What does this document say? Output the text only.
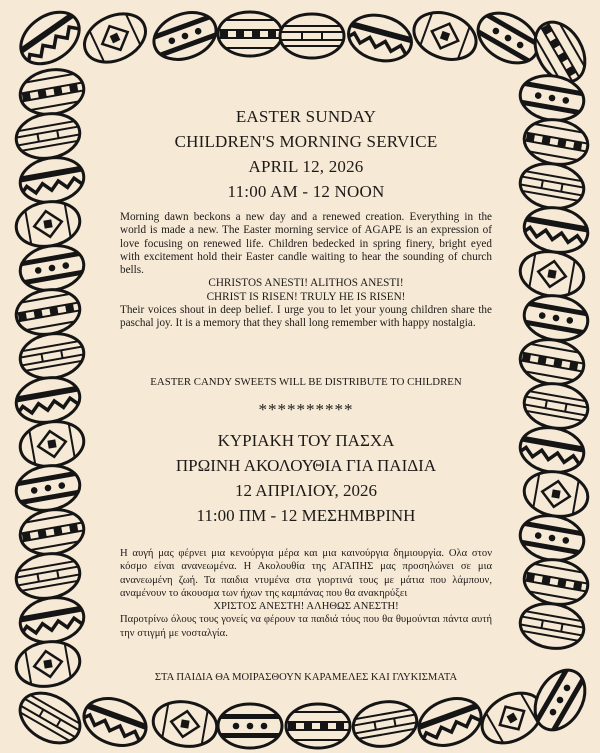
EASTER SUNDAY
CHILDREN'S MORNING SERVICE
APRIL 12, 2026
11:00 AM - 12 NOON
Morning dawn beckons a new day and a renewed creation. Everything in the world is made a new. The Easter morning service of AGAPE is an expression of love focusing on renewed life. Children bedecked in spring finery, bright eyed with excitement hold their Easter candle waiting to hear the sounding of church bells.
CHRISTOS ANESTI! ALITHOS ANESTI!
CHRIST IS RISEN! TRULY HE IS RISEN!
Their voices shout in deep belief. I urge you to let your young children share the paschal joy. It is a memory that they shall long remember with happy nostalgia.
EASTER CANDY SWEETS WILL BE DISTRIBUTE TO CHILDREN
**********
ΚΥΡΙΑΚΗ ΤΟΥ ΠΑΣΧΑ
ΠΡΩΙΝΗ ΑΚΟΛΟΥΘΙΑ ΓΙΑ ΠΑΙΔΙΑ
12 ΑΠΡΙΛΙΟΥ, 2026
11:00 ΠΜ - 12 ΜΕΣΗΜΒΡΙΝΗ
Η αυγή μας φέρνει μια κενούργια μέρα και μια καινούργια δημιουργία. Ολα στον κόσμο είναι ανανεωμένα. Η Ακολουθία της ΑΓΑΠΗΣ μας προσηλώνει σε μια ανανεωμένη ζωή. Τα παιδια ντυμένα στα γιορτινά τους με μάτια που λάμπουν, αναμένουν το άκουσμα των ήχων της καμπάνας που θα ανακηρύξει
ΧΡΙΣΤΟΣ ΑΝΕΣΤΗ! ΑΛΗΘΩΣ ΑΝΕΣΤΗ!
Παροτρίνω όλους τους γονείς να φέρουν τα παιδιά τόυς που θα θυμούνται πάντα αυτή την στιγμή με νοσταλγία.
ΣΤΑ ΠΑΙΔΙΑ ΘΑ ΜΟΙΡΑΣΘΟΥΝ ΚΑΡΑΜΕΛΕΣ ΚΑΙ ΓΛΥΚΙΣΜΑΤΑ
